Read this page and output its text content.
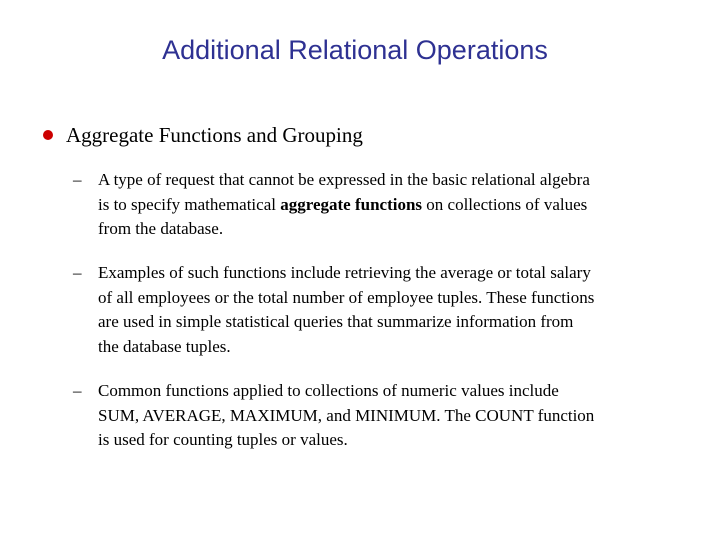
Additional Relational Operations
Aggregate Functions and Grouping
– A type of request that cannot be expressed in the basic relational algebra
is to specify mathematical aggregate functions on collections of values
from the database.
– Examples of such functions include retrieving the average or total salary
of all employees or the total number of employee tuples. These functions
are used in simple statistical queries that summarize information from
the database tuples.
– Common functions applied to collections of numeric values include
SUM, AVERAGE, MAXIMUM, and MINIMUM. The COUNT function
is used for counting tuples or values.
